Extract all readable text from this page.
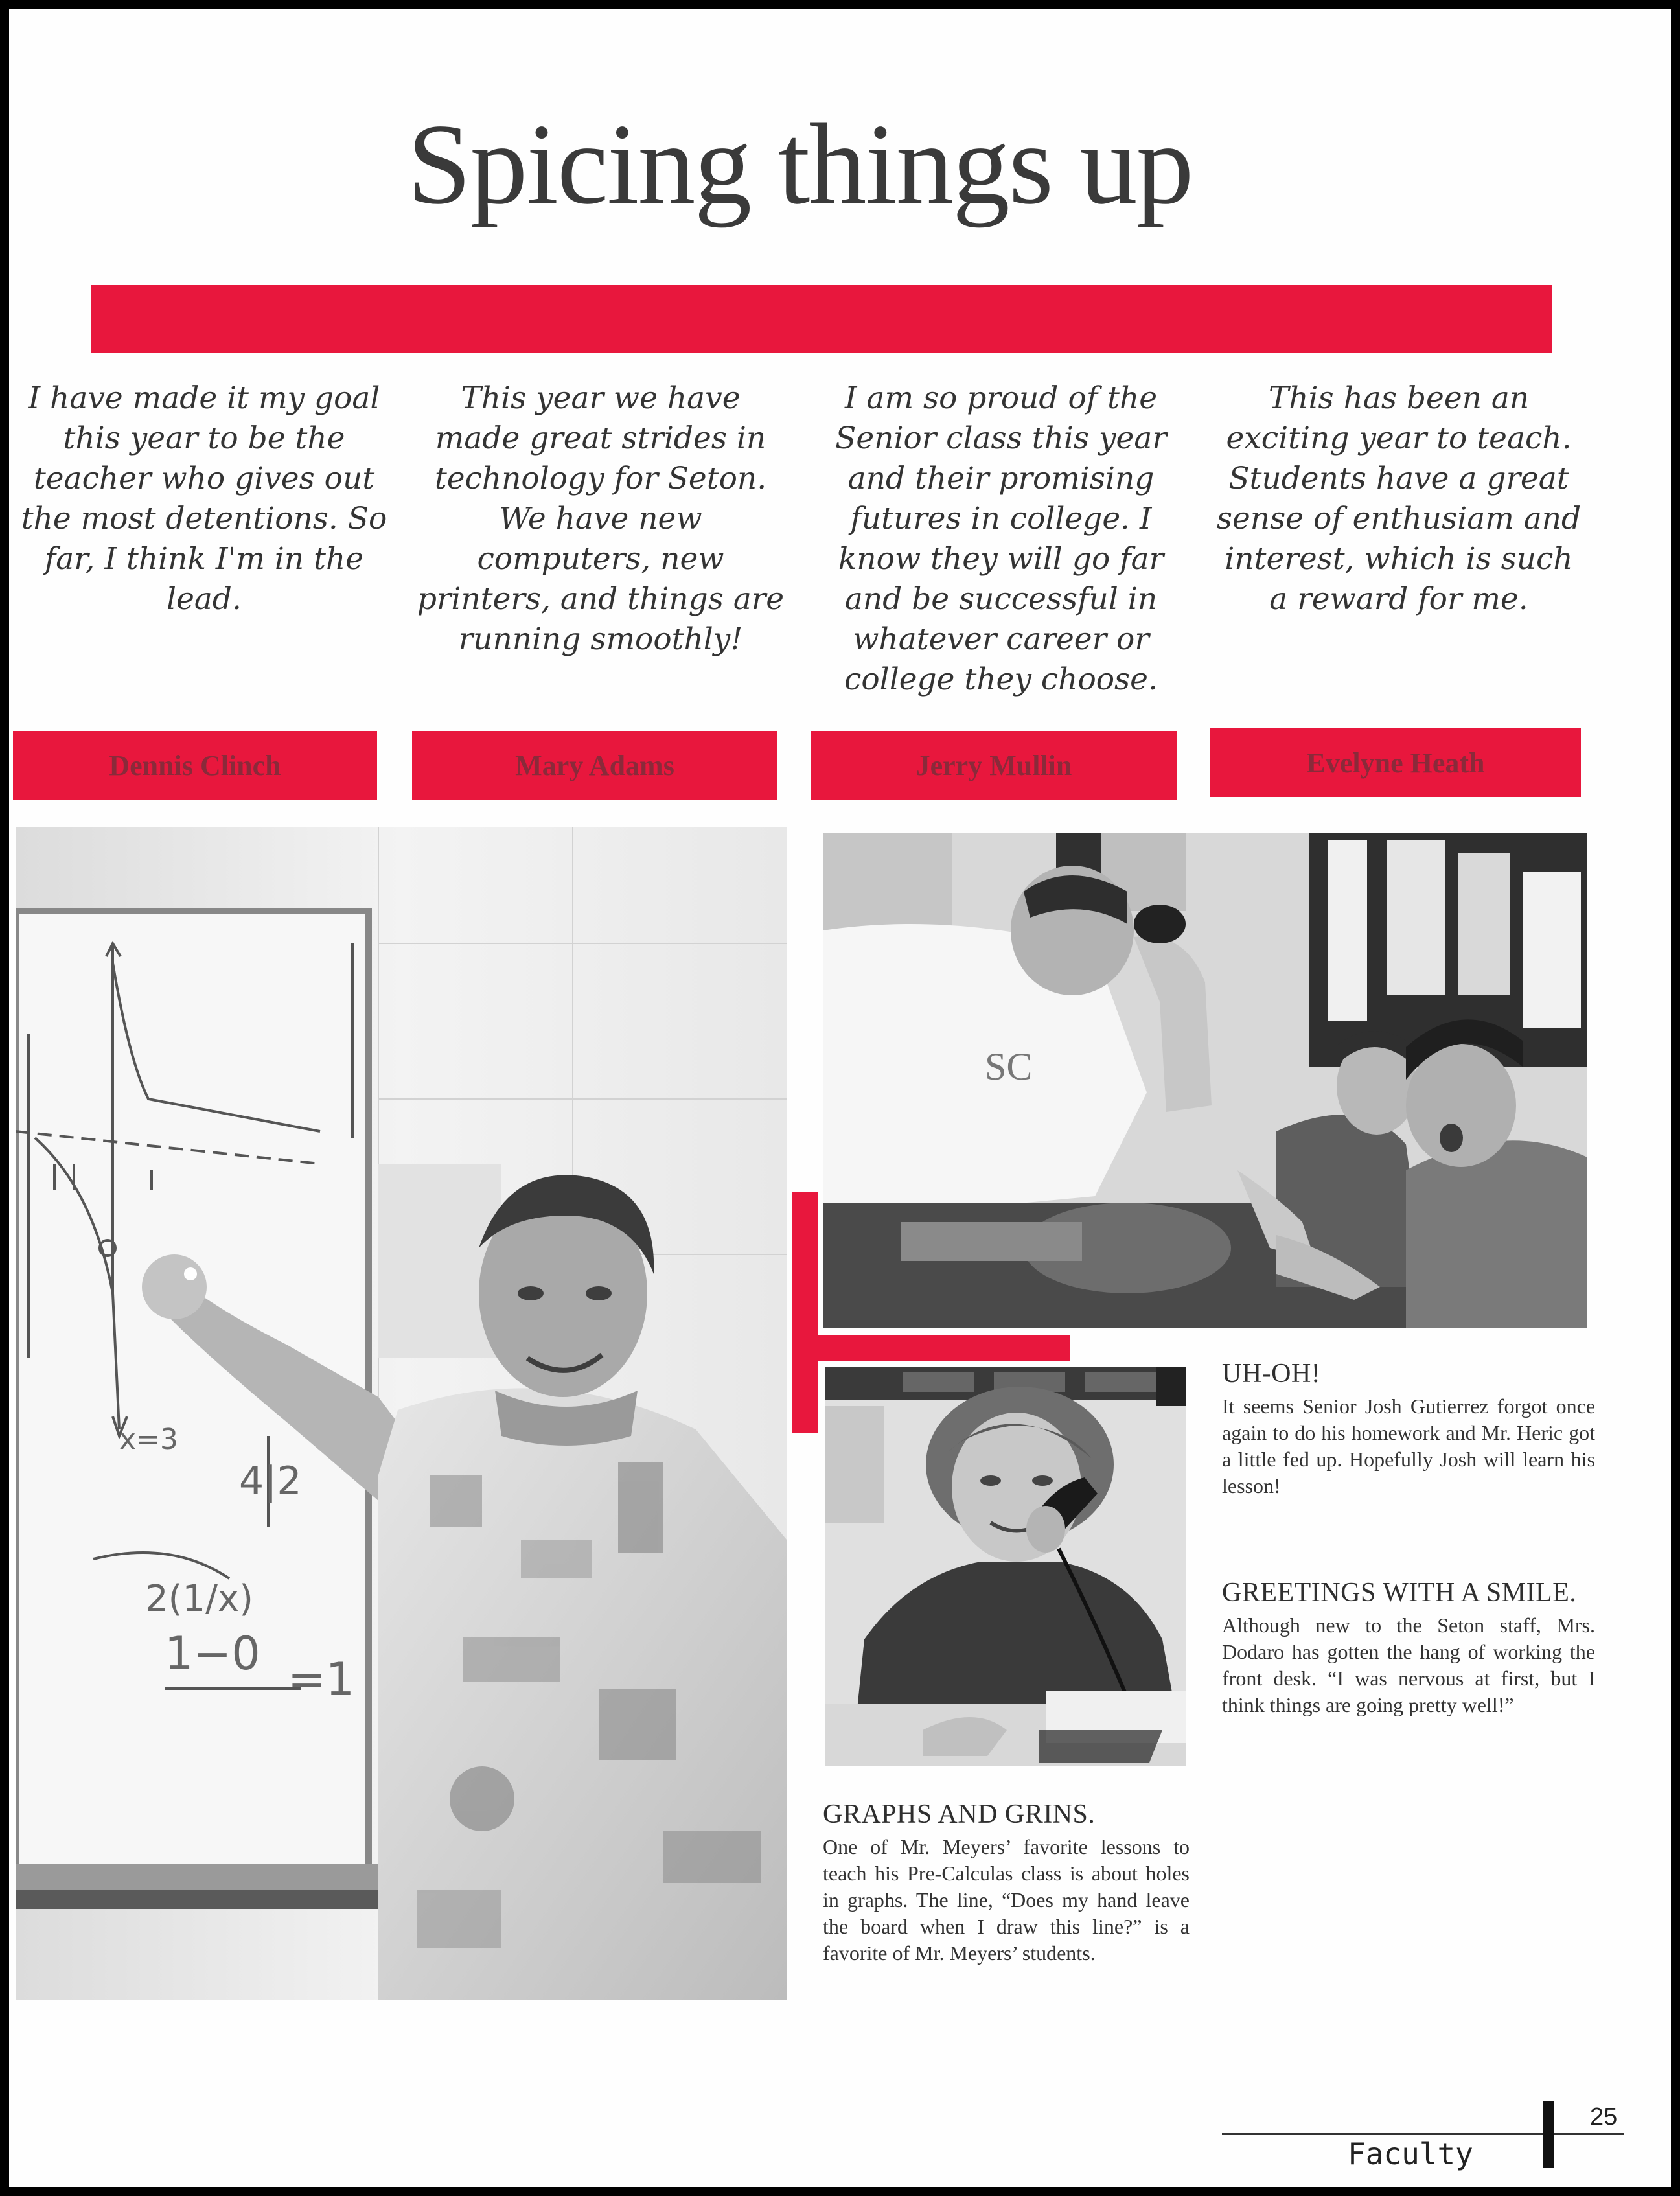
Spicing things up
I have made it my goal this year to be the teacher who gives out the most detentions. So far, I think I'm in the lead.
This year we have made great strides in technology for Seton. We have new computers, new printers, and things are running smoothly!
I am so proud of the Senior class this year and their promising futures in college. I know they will go far and be successful in whatever career or college they choose.
This has been an exciting year to teach. Students have a great sense of enthusiam and interest, which is such a reward for me.
Dennis Clinch	Mary Adams	Jerry Mullin	Evelyne Heath
x=3
4|2
2(1/x)
1−0 =1
SC
UH-OH!
It seems Senior Josh Gutierrez forgot once again to do his homework and Mr. Heric got a little fed up. Hopefully Josh will learn his lesson!
GREETINGS WITH A SMILE.
Although new to the Seton staff, Mrs. Dodaro has gotten the hang of working the front desk. “I was nervous at first, but I think things are going pretty well!”
GRAPHS AND GRINS.
One of Mr. Meyers’ favorite lessons to teach his Pre-Calculas class is about holes in graphs. The line, “Does my hand leave the board when I draw this line?” is a favorite of Mr. Meyers’ students.
25
Faculty
